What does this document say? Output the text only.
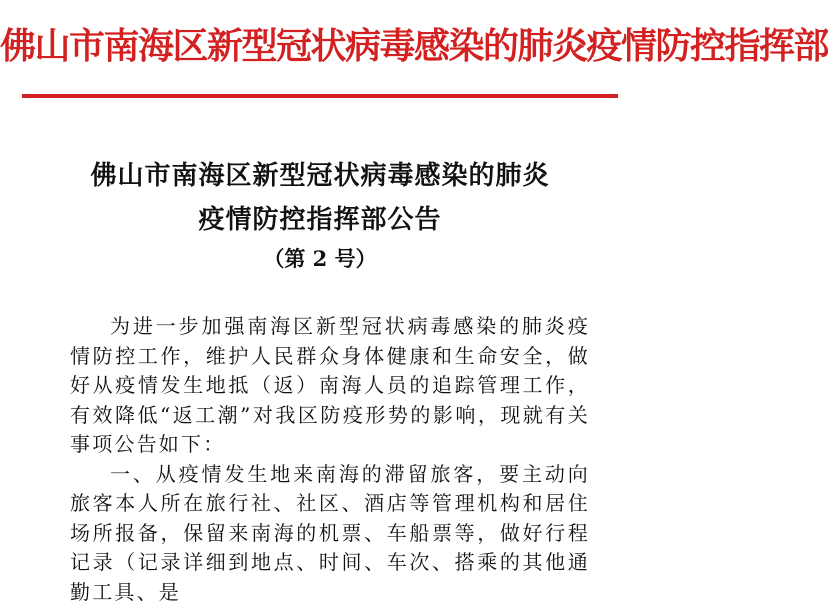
佛山市南海区新型冠状病毒感染的肺炎疫情防控指挥部
佛山市南海区新型冠状病毒感染的肺炎
疫情防控指挥部公告
（第 2 号）

为进一步加强南海区新型冠状病毒感染的肺炎疫情防控工作，维护人民群众身体健康和生命安全，做好从疫情发生地抵（返）南海人员的追踪管理工作，有效降低“返工潮”对我区防疫形势的影响，现就有关事项公告如下：

一、从疫情发生地来南海的滞留旅客，要主动向旅客本人所在旅行社、社区、酒店等管理机构和居住场所报备，保留来南海的机票、车船票等，做好行程记录（记录详细到地点、时间、车次、搭乘的其他通勤工具、是
